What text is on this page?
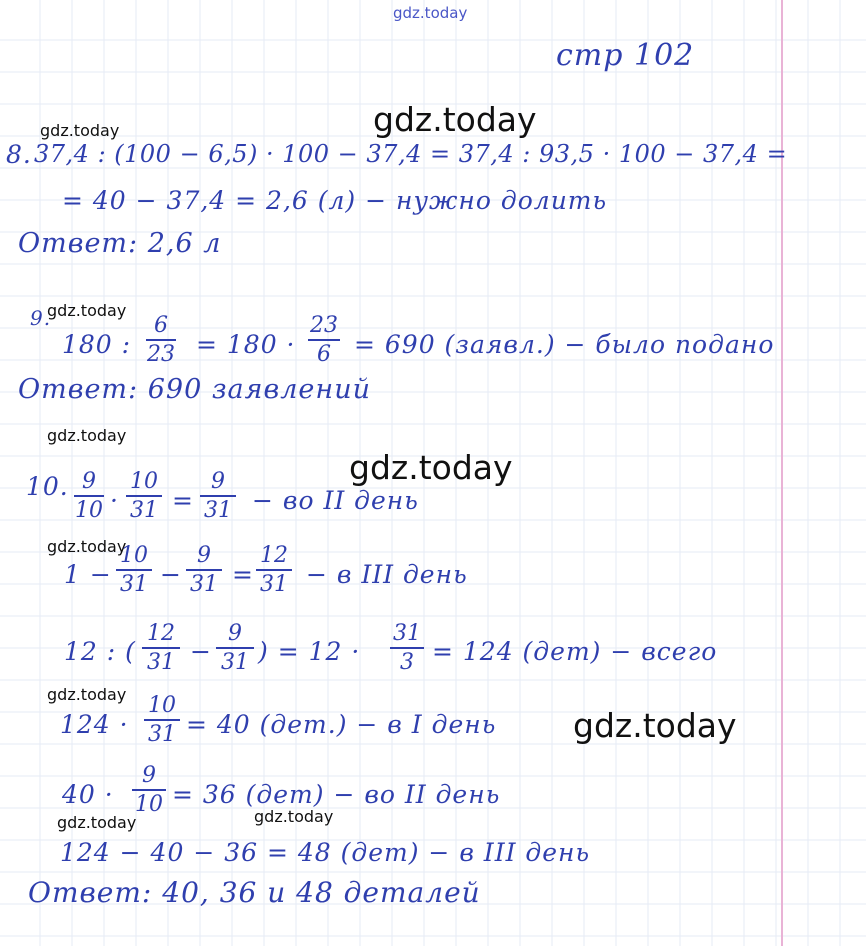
gdz.today
gdz.today
gdz.today
gdz.today
gdz.today
gdz.today
gdz.today
gdz.today
gdz.today
gdz.today
gdz.today
стр 102
8. 37,4 : (100 − 6,5) · 100 − 37,4 = 37,4 : 93,5 · 100 − 37,4 =
= 40 − 37,4 = 2,6 (л) − нужно долить
Ответ: 2,6 л
9.
180 :
6
23 = 180 ·
23
6 = 690 (заявл.) − было подано
Ответ: 690 заявлений
10. 9
10 ·
10
31 =
9
31 − во II день
1 −
10
31 −
9
31 =
12
31 − в III день
12 : (
12
31 −
9
31 ) = 12 ·
31
3 = 124 (дет) − всего
124 ·
10
31 = 40 (дет.) − в I день
40 ·
9
10 = 36 (дет) − во II день
124 − 40 − 36 = 48 (дет) − в III день
Ответ: 40, 36 и 48 деталей
